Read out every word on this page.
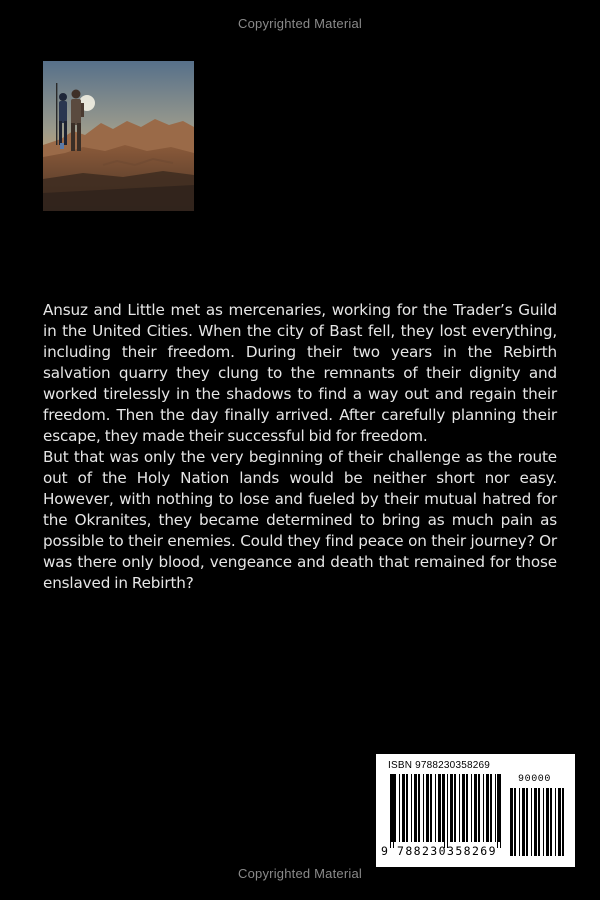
Copyrighted Material

Ansuz and Little met as mercenaries, working for the Trader’s Guild in the United Cities. When the city of Bast fell, they lost everything, including their freedom. During their two years in the Rebirth salvation quarry they clung to the remnants of their dignity and worked tirelessly in the shadows to find a way out and regain their freedom. Then the day finally arrived. After carefully planning their escape, they made their successful bid for freedom.

But that was only the very beginning of their challenge as the route out of the Holy Nation lands would be neither short nor easy. However, with nothing to lose and fueled by their mutual hatred for the Okranites, they became determined to bring as much pain as possible to their enemies. Could they find peace on their journey? Or was there only blood, vengeance and death that remained for those enslaved in Rebirth?

ISBN 9788230358269
90000
9 788230 358269
Copyrighted Material
